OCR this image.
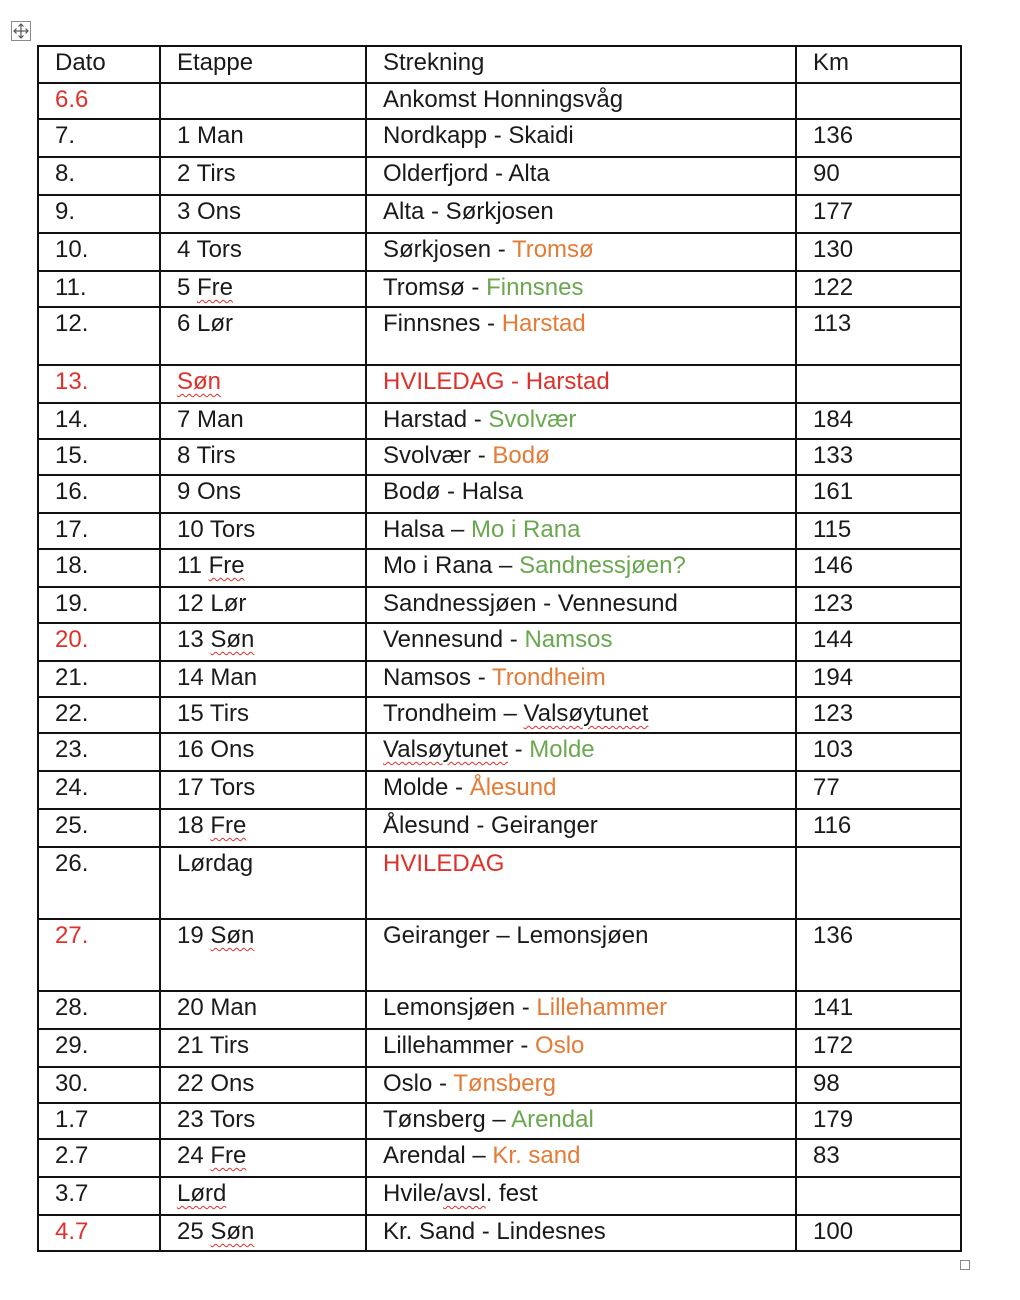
Dato	Etappe	Strekning	Km
6.6		Ankomst Honningsvåg	
7.	1 Man	Nordkapp - Skaidi	136
8.	2 Tirs	Olderfjord - Alta	90
9.	3 Ons	Alta - Sørkjosen	177
10.	4 Tors	Sørkjosen - Tromsø	130
11.	5 Fre	Tromsø - Finnsnes	122
12.	6 Lør	Finnsnes - Harstad	113
13.	Søn	HVILEDAG - Harstad	
14.	7 Man	Harstad - Svolvær	184
15.	8 Tirs	Svolvær - Bodø	133
16.	9 Ons	Bodø - Halsa	161
17.	10 Tors	Halsa – Mo i Rana	115
18.	11 Fre	Mo i Rana – Sandnessjøen?	146
19.	12 Lør	Sandnessjøen - Vennesund	123
20.	13 Søn	Vennesund - Namsos	144
21.	14 Man	Namsos - Trondheim	194
22.	15 Tirs	Trondheim – Valsøytunet	123
23.	16 Ons	Valsøytunet - Molde	103
24.	17 Tors	Molde - Ålesund	77
25.	18 Fre	Ålesund - Geiranger	116
26.	Lørdag	HVILEDAG	
27.	19 Søn	Geiranger – Lemonsjøen	136
28.	20 Man	Lemonsjøen - Lillehammer	141
29.	21 Tirs	Lillehammer - Oslo	172
30.	22 Ons	Oslo - Tønsberg	98
1.7	23 Tors	Tønsberg – Arendal	179
2.7	24 Fre	Arendal – Kr. sand	83
3.7	Lørd	Hvile/avsl. fest	
4.7	25 Søn	Kr. Sand - Lindesnes	100
